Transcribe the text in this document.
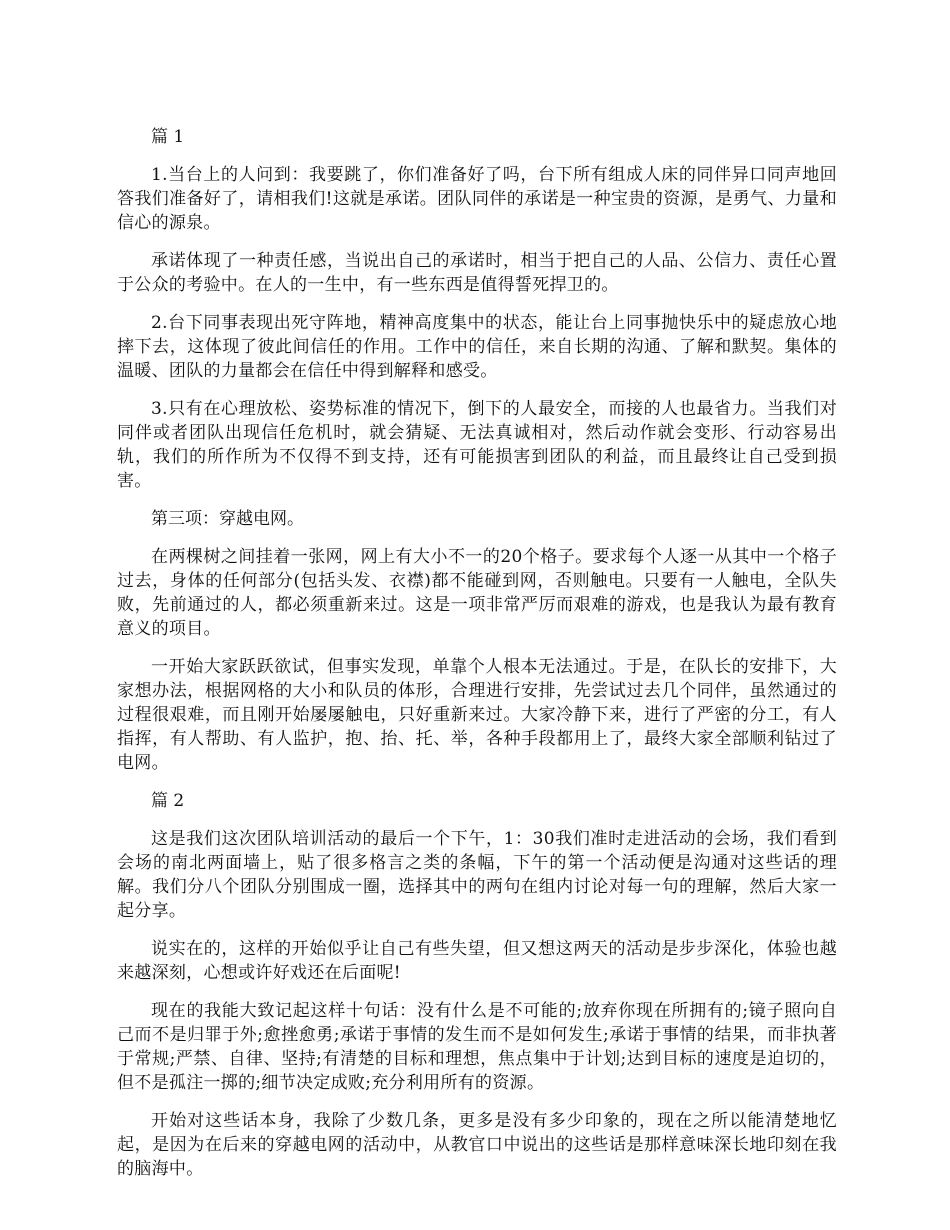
篇 1

1.当台上的人问到：我要跳了，你们准备好了吗，台下所有组成人床的同伴异口同声地回答我们准备好了，请相我们!这就是承诺。团队同伴的承诺是一种宝贵的资源，是勇气、力量和信心的源泉。

承诺体现了一种责任感，当说出自己的承诺时，相当于把自己的人品、公信力、责任心置于公众的考验中。在人的一生中，有一些东西是值得誓死捍卫的。

2.台下同事表现出死守阵地，精神高度集中的状态，能让台上同事抛快乐中的疑虑放心地摔下去，这体现了彼此间信任的作用。工作中的信任，来自长期的沟通、了解和默契。集体的温暖、团队的力量都会在信任中得到解释和感受。

3.只有在心理放松、姿势标准的情况下，倒下的人最安全，而接的人也最省力。当我们对同伴或者团队出现信任危机时，就会猜疑、无法真诚相对，然后动作就会变形、行动容易出轨，我们的所作所为不仅得不到支持，还有可能损害到团队的利益，而且最终让自己受到损害。

第三项：穿越电网。

在两棵树之间挂着一张网，网上有大小不一的20个格子。要求每个人逐一从其中一个格子过去，身体的任何部分(包括头发、衣襟)都不能碰到网，否则触电。只要有一人触电，全队失败，先前通过的人，都必须重新来过。这是一项非常严厉而艰难的游戏，也是我认为最有教育意义的项目。

一开始大家跃跃欲试，但事实发现，单靠个人根本无法通过。于是，在队长的安排下，大家想办法，根据网格的大小和队员的体形，合理进行安排，先尝试过去几个同伴，虽然通过的过程很艰难，而且刚开始屡屡触电，只好重新来过。大家冷静下来，进行了严密的分工，有人指挥，有人帮助、有人监护，抱、抬、托、举，各种手段都用上了，最终大家全部顺利钻过了电网。

篇 2

这是我们这次团队培训活动的最后一个下午，1：30我们准时走进活动的会场，我们看到会场的南北两面墙上，贴了很多格言之类的条幅，下午的第一个活动便是沟通对这些话的理解。我们分八个团队分别围成一圈，选择其中的两句在组内讨论对每一句的理解，然后大家一起分享。

说实在的，这样的开始似乎让自己有些失望，但又想这两天的活动是步步深化，体验也越来越深刻，心想或许好戏还在后面呢!

现在的我能大致记起这样十句话：没有什么是不可能的;放弃你现在所拥有的;镜子照向自己而不是归罪于外;愈挫愈勇;承诺于事情的发生而不是如何发生;承诺于事情的结果，而非执著于常规;严禁、自律、坚持;有清楚的目标和理想，焦点集中于计划;达到目标的速度是迫切的，但不是孤注一掷的;细节决定成败;充分利用所有的资源。

开始对这些话本身，我除了少数几条，更多是没有多少印象的，现在之所以能清楚地忆起，是因为在后来的穿越电网的活动中，从教官口中说出的这些话是那样意味深长地印刻在我的脑海中。
